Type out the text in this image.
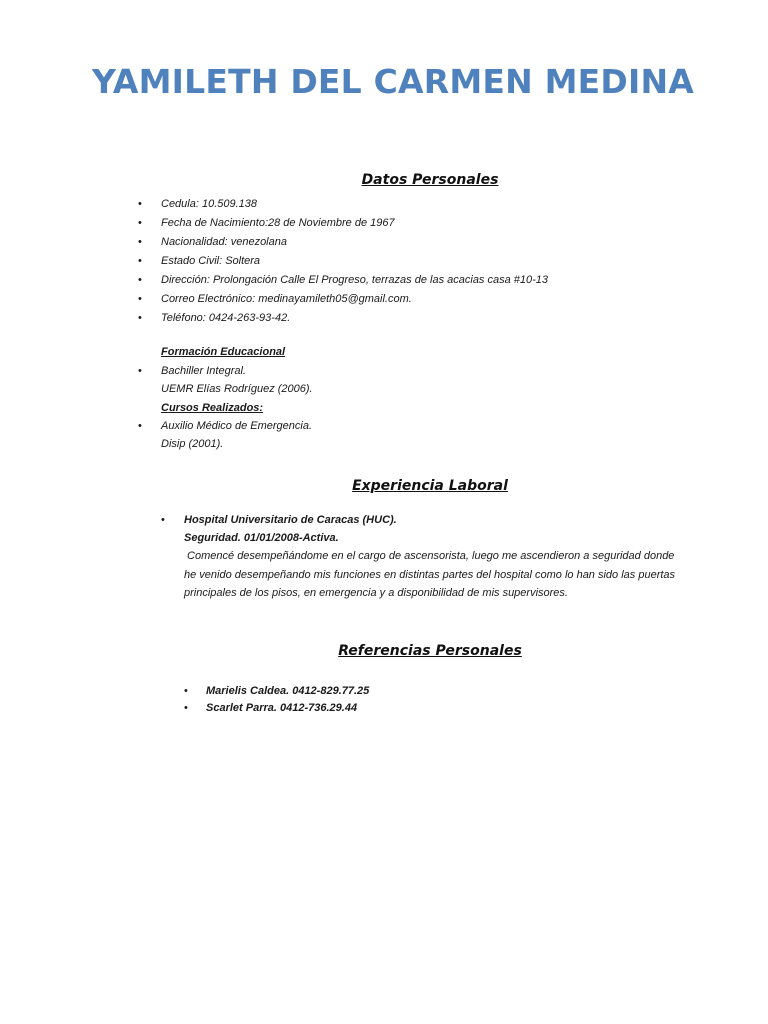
YAMILETH DEL CARMEN MEDINA
Datos Personales
• Cedula: 10.509.138
• Fecha de Nacimiento:28 de Noviembre de 1967
• Nacionalidad: venezolana
• Estado Civil: Soltera
• Dirección: Prolongación Calle El Progreso, terrazas de las acacias casa #10-13
• Correo Electrónico: medinayamileth05@gmail.com.
• Teléfono: 0424-263-93-42.
Formación Educacional
• Bachiller Integral.
UEMR Elías Rodríguez (2006).
Cursos Realizados:
• Auxilio Médico de Emergencia.
Disip (2001).
Experiencia Laboral
• Hospital Universitario de Caracas (HUC).
Seguridad. 01/01/2008-Activa.
Comencé desempeñándome en el cargo de ascensorista, luego me ascendieron a seguridad donde
he venido desempeñando mis funciones en distintas partes del hospital como lo han sido las puertas
principales de los pisos, en emergencia y a disponibilidad de mis supervisores.
Referencias Personales
• Marielis Caldea. 0412-829.77.25
• Scarlet Parra. 0412-736.29.44
